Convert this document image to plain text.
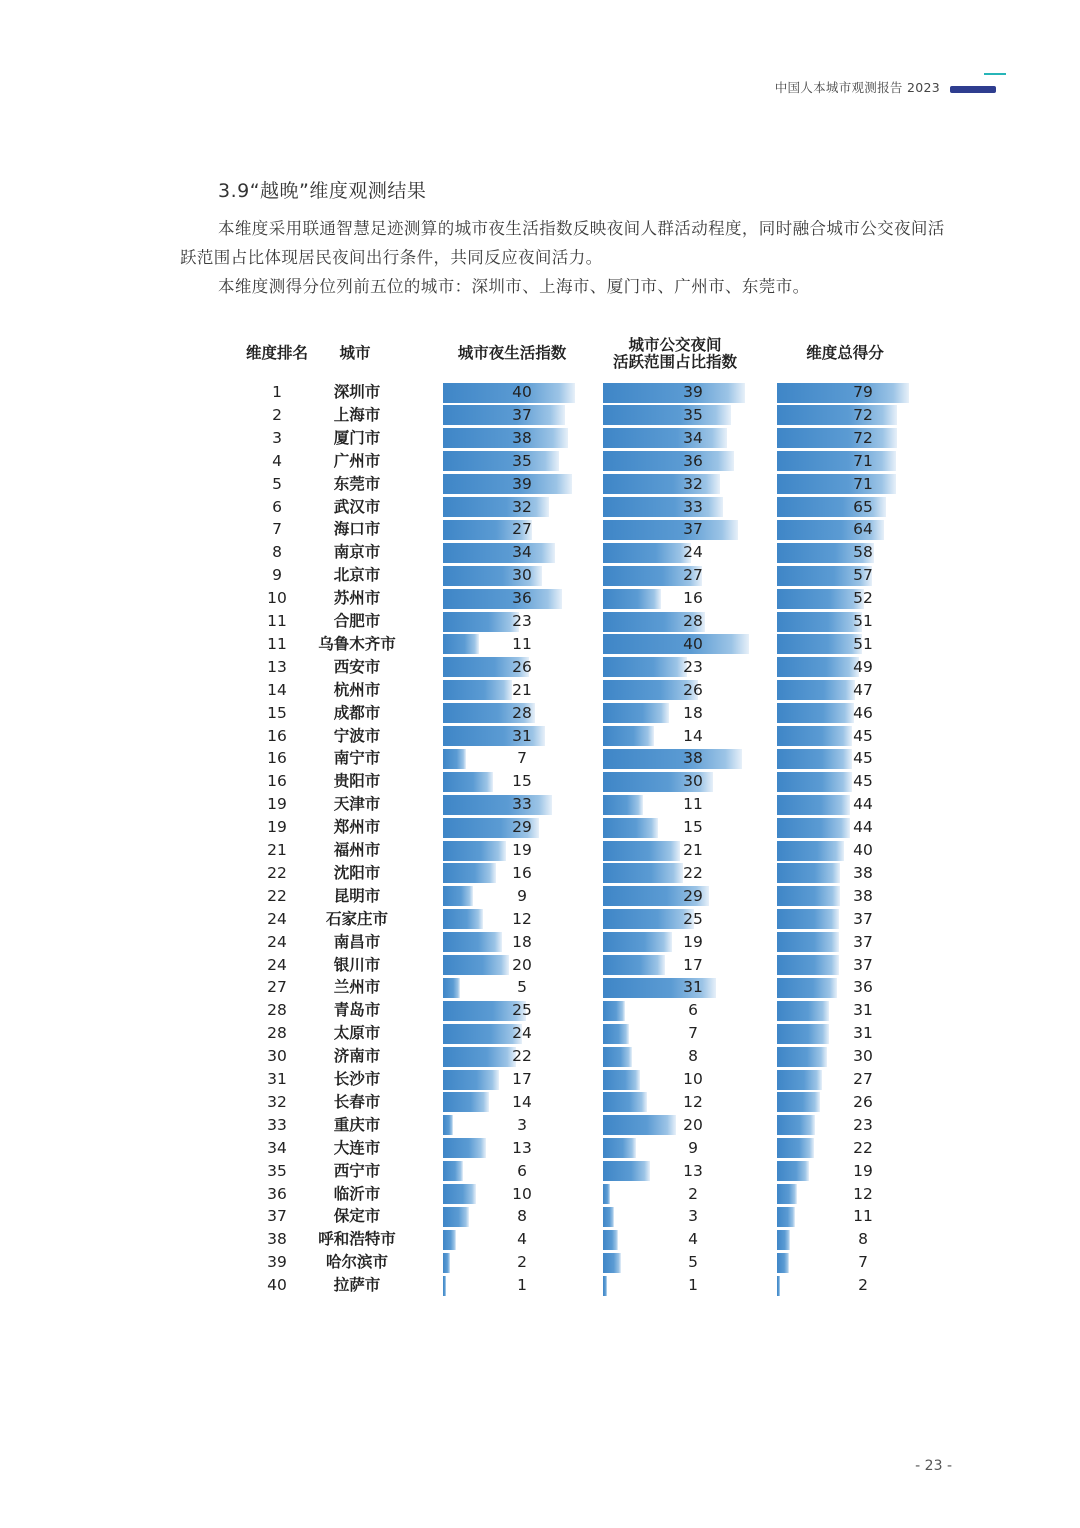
中国人本城市观测报告 2023
3.9“越晚”维度观测结果
本维度采用联通智慧足迹测算的城市夜生活指数反映夜间人群活动程度，同时融合城市公交夜间活跃范围占比体现居民夜间出行条件，共同反应夜间活力。
本维度测得分位列前五位的城市：深圳市、上海市、厦门市、广州市、东莞市。
维度排名	城市	城市夜生活指数	城市公交夜间
活跃范围占比指数	维度总得分
1	深圳市	40	39	79
2	上海市	37	35	72
3	厦门市	38	34	72
4	广州市	35	36	71
5	东莞市	39	32	71
6	武汉市	32	33	65
7	海口市	27	37	64
8	南京市	34	24	58
9	北京市	30	27	57
10	苏州市	36	16	52
11	合肥市	23	28	51
11	乌鲁木齐市	11	40	51
13	西安市	26	23	49
14	杭州市	21	26	47
15	成都市	28	18	46
16	宁波市	31	14	45
16	南宁市	7	38	45
16	贵阳市	15	30	45
19	天津市	33	11	44
19	郑州市	29	15	44
21	福州市	19	21	40
22	沈阳市	16	22	38
22	昆明市	9	29	38
24	石家庄市	12	25	37
24	南昌市	18	19	37
24	银川市	20	17	37
27	兰州市	5	31	36
28	青岛市	25	6	31
28	太原市	24	7	31
30	济南市	22	8	30
31	长沙市	17	10	27
32	长春市	14	12	26
33	重庆市	3	20	23
34	大连市	13	9	22
35	西宁市	6	13	19
36	临沂市	10	2	12
37	保定市	8	3	11
38	呼和浩特市	4	4	8
39	哈尔滨市	2	5	7
40	拉萨市	1	1	2
- 23 -
